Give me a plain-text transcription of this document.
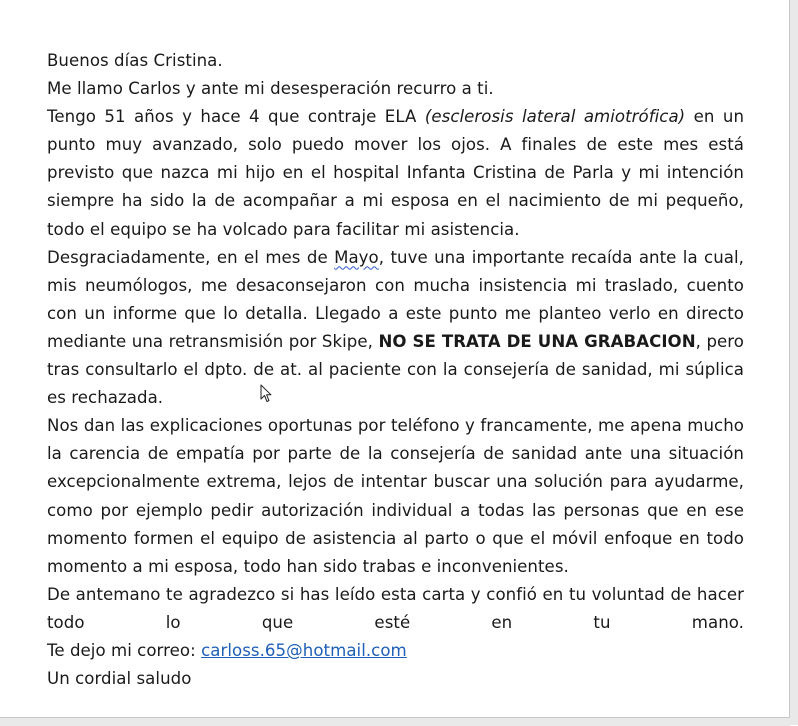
Buenos días Cristina.

Me llamo Carlos y ante mi desesperación recurro a ti.

Tengo 51 años y hace 4 que contraje ELA (esclerosis lateral amiotrófica) en un punto muy avanzado, solo puedo mover los ojos. A finales de este mes está previsto que nazca mi hijo en el hospital Infanta Cristina de Parla y mi intención siempre ha sido la de acompañar a mi esposa en el nacimiento de mi pequeño, todo el equipo se ha volcado para facilitar mi asistencia.

Desgraciadamente, en el mes de Mayo, tuve una importante recaída ante la cual, mis neumólogos, me desaconsejaron con mucha insistencia mi traslado, cuento con un informe que lo detalla. Llegado a este punto me planteo verlo en directo mediante una retransmisión por Skipe, NO SE TRATA DE UNA GRABACION, pero tras consultarlo el dpto. de at. al paciente con la consejería de sanidad, mi súplica es rechazada.

Nos dan las explicaciones oportunas por teléfono y francamente, me apena mucho la carencia de empatía por parte de la consejería de sanidad ante una situación excepcionalmente extrema, lejos de intentar buscar una solución para ayudarme, como por ejemplo pedir autorización individual a todas las personas que en ese momento formen el equipo de asistencia al parto o que el móvil enfoque en todo momento a mi esposa, todo han sido trabas e inconvenientes.

De antemano te agradezco si has leído esta carta y confió en tu voluntad de hacer

todo lo que esté en tu mano.

Te dejo mi correo: carloss.65@hotmail.com

Un cordial saludo
